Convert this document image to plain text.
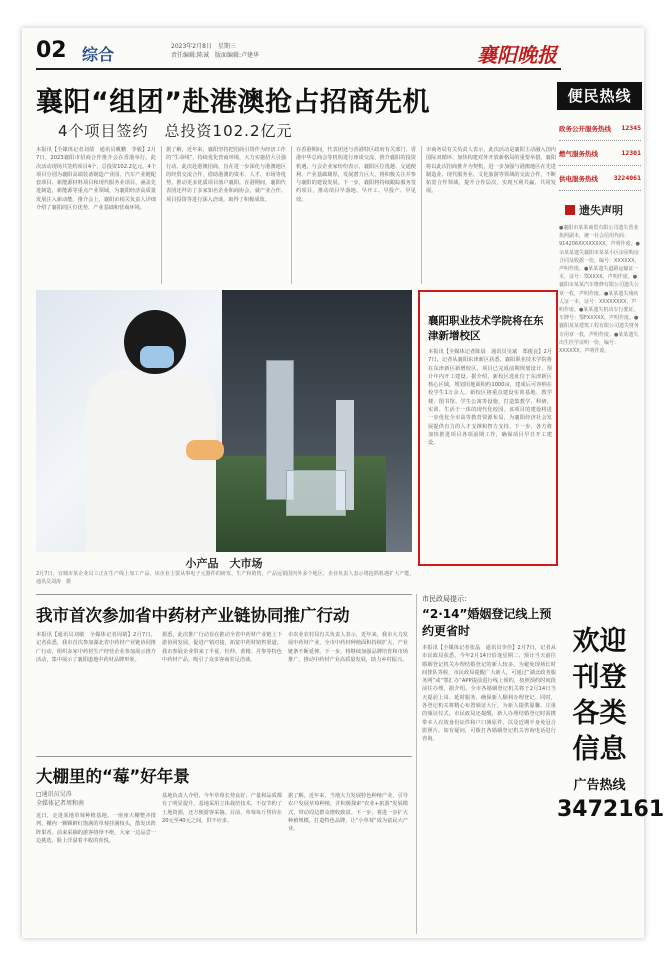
02 综合	2023年2月8日　星期三
责任编辑:陈诚　版面编辑:卢建华	襄阳晚报
襄阳“组团”赴港澳抢占招商先机
4个项目签约　总投资102.2亿元
本报讯【全媒体记者刘倩　通讯员戴鹏　李毅】2月7日，2023襄阳市招商合作推介会在香港举行。此次活动现场共签约项目4个，总投资102.2亿元。4个项目分别为襄阳高端装备制造产业园、汽车产业链配套项目、新能源材料项目和现代服务业项目，涵盖先进制造、新能源等重点产业领域，为襄阳经济高质量发展注入新动能。推介会上，襄阳市相关负责人详细介绍了襄阳的区位优势、产业基础和营商环境。
据了解，近年来，襄阳坚持把招商引资作为经济工作的“生命线”，持续优化营商环境，大力实施招大引强行动。此次赴港澳招商，旨在进一步深化与港澳地区的经贸交流合作，借助港澳的资本、人才、市场等优势，推动更多优质项目落户襄阳。在港期间，襄阳代表团还拜访了多家知名企业和商协会，就产业合作、项目投资等进行深入洽谈，取得了积极成效。
在香港期间，代表团还与香港特区政府有关部门、香港中华总商会等机构进行座谈交流，推介襄阳的投资机遇。与会企业家纷纷表示，襄阳区位优越、交通便利、产业基础雄厚，发展潜力巨大，将积极关注并参与襄阳的建设发展。下一步，襄阳将持续跟踪服务签约项目，推动项目早落地、早开工、早投产、早见效。
市商务局有关负责人表示，此次活动是襄阳主动融入国内国际双循环、加快构建对外开放新格局的重要举措。襄阳将以此次招商推介为契机，进一步加强与港澳地区在先进制造业、现代服务业、文化旅游等领域的交流合作，不断拓宽合作领域，提升合作层次，实现互利共赢、共同发展。
小产品　大市场
2月7日，宜城市某企业员工正在生产线上加工产品。该企业主要从事电子元器件的研发、生产和销售，产品远销国内外多个地区，企业负责人表示将抢抓机遇扩大产能。　通讯员刘涛　摄
襄阳职业技术学院将在东津新增校区
本报讯【全媒体记者陈晨　通讯员吴斌　郑俊良】2月7日，记者从襄阳东津新区获悉，襄阳职业技术学院将在东津新区新增校区，项目已完成前期规划设计，预计年内开工建设。据介绍，新校区选址位于东津新区核心区域，规划用地面积约1000亩，建成后可容纳在校学生1万余人。新校区将重点建设实训基地、教学楼、图书馆、学生公寓等设施，打造集教学、科研、实训、生活于一体的现代化校园。该项目的建设将进一步优化全市高等教育资源布局，为襄阳经济社会发展提供有力的人才支撑和智力支持。下一步，各方将加快推进项目各项前期工作，确保项目早日开工建设。
我市首次参加省中药材产业链协同推广行动
本报讯【通讯员刘敏　全媒体记者周婧】2月7日，记者获悉，我市首次参加湖北省中药材产业链协同推广行动，组织多家中药材生产经营企业参加展示推介活动，集中展示了襄阳道地中药材品牌形象。
据悉，此次推广行动旨在推动全省中药材产业链上下游协同发展，促进产销对接，拓宽中药材销售渠道。我市参展企业带来了半夏、杜仲、黄精、丹参等特色中药材产品，吸引了众多客商驻足洽谈。
市农业农村局有关负责人表示，近年来，我市大力发展中药材产业，全市中药材种植面积持续扩大，产业链条不断延伸。下一步，将继续加强品牌培育和市场推广，推动中药材产业高质量发展，助力乡村振兴。
市民政局提示：
“2·14”婚姻登记线上预约更省时
本报讯【全媒体记者张晶　通讯员李佳】2月7日，记者从市民政局获悉，今年2月14日恰逢星期二，预计当天前往婚姻登记机关办理结婚登记的新人较多。为避免现场长时间排队等候，市民政局提醒广大新人，可通过“湖北政务服务网”或“鄂汇办”APP提前进行线上预约，按照预约时间段前往办理。据介绍，全市各婚姻登记机关将于2月14日当天提前上岗、延时服务，确保新人顺利办理登记。同时，各登记机关将精心布置颁证大厅，为新人提供温馨、庄重的颁证仪式。市民政局还提醒，新人办理结婚登记时需携带本人有效身份证件和户口簿原件，以及近期半身免冠合影照片。如有疑问，可拨打各婚姻登记机关咨询电话进行咨询。
大棚里的“莓”好年景
□通讯员吴涛
全媒体记者周和南
近日，走进某地草莓种植基地，一座座大棚整齐排列，棚内一颗颗鲜红饱满的草莓挂满枝头，散发出阵阵果香。前来采摘的游客络绎不绝，大家一边品尝一边挑选，脸上洋溢着丰收的喜悦。
基地负责人介绍，今年草莓长势良好，产量和品质都有了明显提升。基地采用立体栽培技术，不仅节约了土地资源，还方便游客采摘。目前，草莓每斤售价在20元至40元之间，供不应求。
据了解，近年来，当地大力发展特色种植产业，引导农户发展草莓种植，并积极探索“农业+旅游”发展模式，带动周边群众增收致富。下一步，将进一步扩大种植规模，打造特色品牌，让“小草莓”成为富民大产业。
便民热线
政务公开服务热线 12345
燃气服务热线	12301
供电服务热线 3224061
遗失声明
●襄阳市某某商贸有限公司遗失营业执照副本，统一社会信用代码：914206XXXXXXXX，声明作废。●余某某遗失襄阳市某某小区房屋购房合同及收据一份，编号：XXXXXX，声明作废。●某某遗失道路运输证一本，证号：鄂XXXX，声明作废。●襄阳市某某汽车维修有限公司遗失公章一枚，声明作废。●某某遗失残疾人证一本，证号：XXXXXXXX，声明作废。●某某遗失机动车行驶证，车牌号：鄂FXXXXX，声明作废。●襄阳某某建筑工程有限公司遗失财务专用章一枚，声明作废。●某某遗失出生医学证明一份，编号：XXXXXX，声明作废。
欢迎
刊登
各类
信息
广告热线
3472161
